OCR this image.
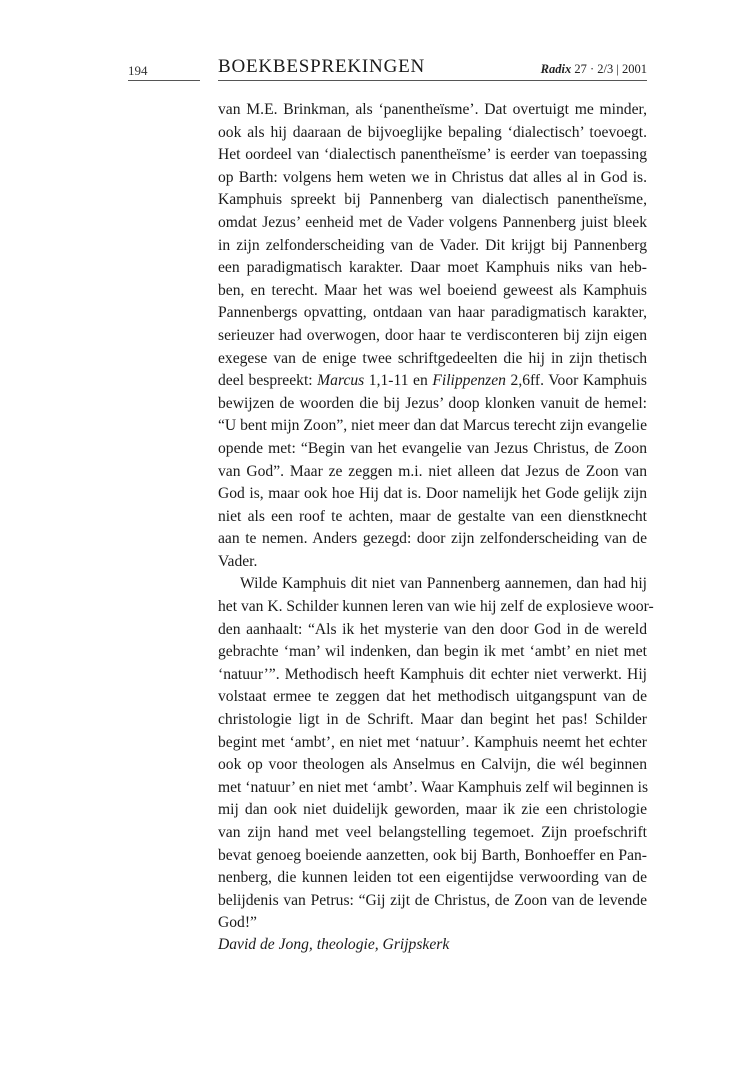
194	BOEKBESPREKINGEN	Radix 27 · 2/3 | 2001
van M.E. Brinkman, als ‘panentheïsme’. Dat overtuigt me minder,
ook als hij daaraan de bijvoeglijke bepaling ‘dialectisch’ toevoegt.
Het oordeel van ‘dialectisch panentheïsme’ is eerder van toepassing
op Barth: volgens hem weten we in Christus dat alles al in God is.
Kamphuis spreekt bij Pannenberg van dialectisch panentheïsme,
omdat Jezus’ eenheid met de Vader volgens Pannenberg juist bleek
in zijn zelfonderscheiding van de Vader. Dit krijgt bij Pannenberg
een paradigmatisch karakter. Daar moet Kamphuis niks van heb-
ben, en terecht. Maar het was wel boeiend geweest als Kamphuis
Pannenbergs opvatting, ontdaan van haar paradigmatisch karakter,
serieuzer had overwogen, door haar te verdisconteren bij zijn eigen
exegese van de enige twee schriftgedeelten die hij in zijn thetisch
deel bespreekt: Marcus 1,1-11 en Filippenzen 2,6ff. Voor Kamphuis
bewijzen de woorden die bij Jezus’ doop klonken vanuit de hemel:
“U bent mijn Zoon”, niet meer dan dat Marcus terecht zijn evangelie
opende met: “Begin van het evangelie van Jezus Christus, de Zoon
van God”. Maar ze zeggen m.i. niet alleen dat Jezus de Zoon van
God is, maar ook hoe Hij dat is. Door namelijk het Gode gelijk zijn
niet als een roof te achten, maar de gestalte van een dienstknecht
aan te nemen. Anders gezegd: door zijn zelfonderscheiding van de
Vader.
Wilde Kamphuis dit niet van Pannenberg aannemen, dan had hij
het van K. Schilder kunnen leren van wie hij zelf de explosieve woor-
den aanhaalt: “Als ik het mysterie van den door God in de wereld
gebrachte ‘man’ wil indenken, dan begin ik met ‘ambt’ en niet met
‘natuur’”. Methodisch heeft Kamphuis dit echter niet verwerkt. Hij
volstaat ermee te zeggen dat het methodisch uitgangspunt van de
christologie ligt in de Schrift. Maar dan begint het pas! Schilder
begint met ‘ambt’, en niet met ‘natuur’. Kamphuis neemt het echter
ook op voor theologen als Anselmus en Calvijn, die wél beginnen
met ‘natuur’ en niet met ‘ambt’. Waar Kamphuis zelf wil beginnen is
mij dan ook niet duidelijk geworden, maar ik zie een christologie
van zijn hand met veel belangstelling tegemoet. Zijn proefschrift
bevat genoeg boeiende aanzetten, ook bij Barth, Bonhoeffer en Pan-
nenberg, die kunnen leiden tot een eigentijdse verwoording van de
belijdenis van Petrus: “Gij zijt de Christus, de Zoon van de levende
God!”
David de Jong, theologie, Grijpskerk
